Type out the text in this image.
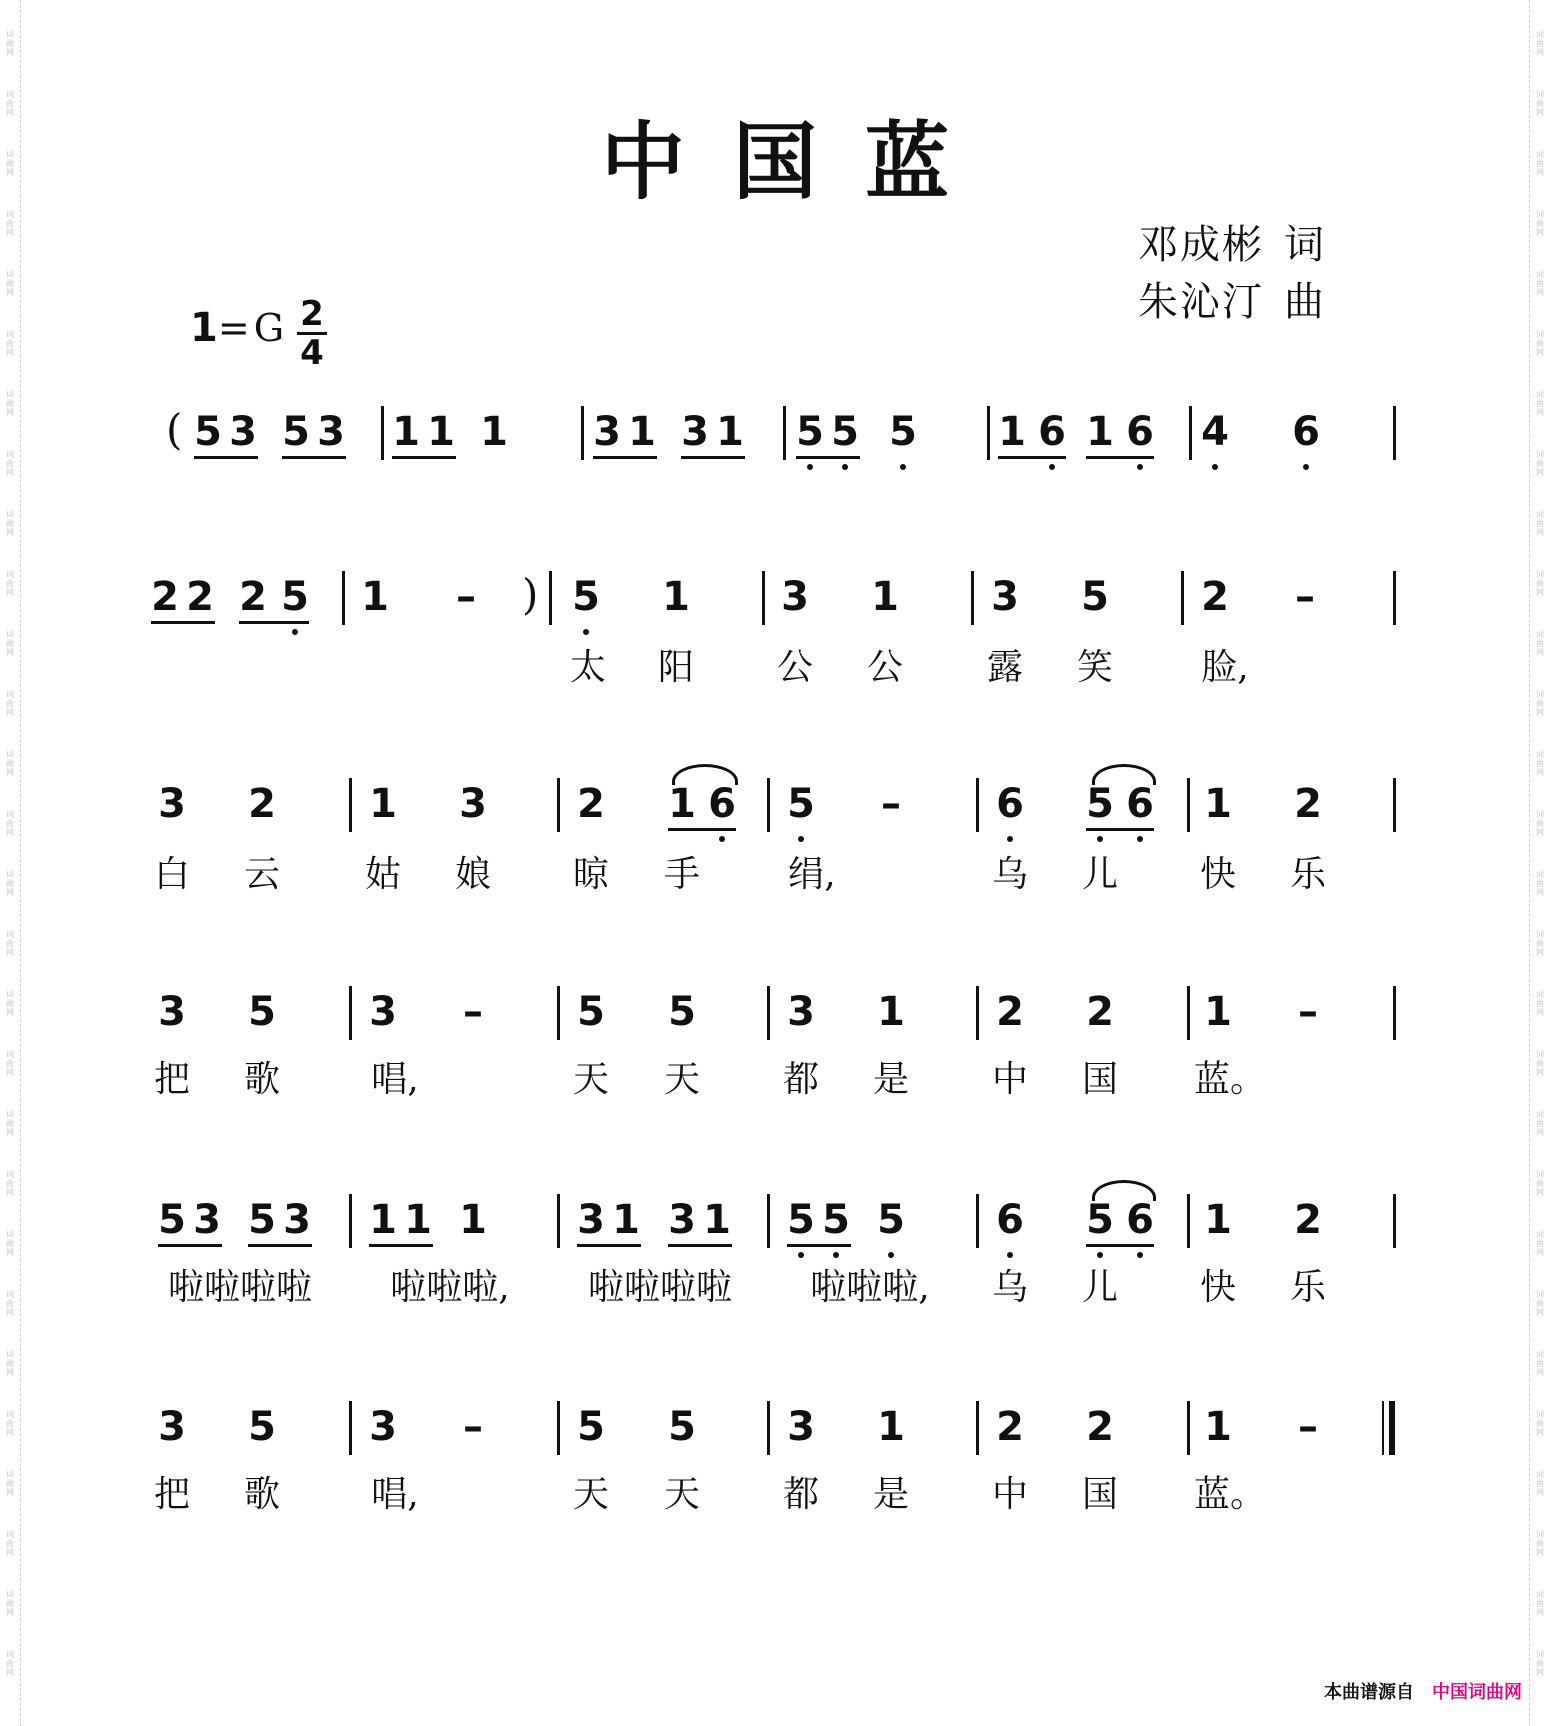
词曲网
词曲网
词曲网
词曲网
词曲网
词曲网
词曲网
词曲网
词曲网
词曲网
词曲网
词曲网
词曲网
词曲网
词曲网
词曲网
词曲网
词曲网
词曲网
词曲网
词曲网
词曲网
词曲网
词曲网
词曲网
词曲网
词曲网
词曲网
词曲网
词曲网
词曲网
词曲网
词曲网
词曲网
词曲网
词曲网
词曲网
词曲网
词曲网
词曲网
词曲网
词曲网
词曲网
词曲网
词曲网
词曲网
词曲网
词曲网
词曲网
词曲网
词曲网
词曲网
词曲网
词曲网
词曲网
词曲网
中国蓝
邓成彬 词
朱沁汀 曲
1= G $\frac{2}{4}$
( 5 3 5 3 1 1 1 3 1 3 1 5 5 5 1 6 1 6 4 6
2 2 2 5 1 – ) 5 1 3 1 3 5 2 –
太 阳 公 公 露 笑 脸,
3 2 1 3 2 1 6 5 – 6 5 6 1 2
白 云 姑 娘 晾 手 绢,	乌 儿 快 乐
3 5 3 – 5 5 3 1 2 2 1 –
把 歌	唱,	天 天 都 是 中 国 蓝。
5 3 5 3 1 1 1 3 1 3 1 5 5 5 6 5 6 1 2
啦啦啦啦 啦啦啦, 啦啦啦啦 啦啦啦, 乌 儿 快 乐
3 5 3 – 5 5 3 1 2 2 1 –
把 歌	唱,	天 天 都 是 中 国 蓝。
本曲谱源自 中国词曲网
